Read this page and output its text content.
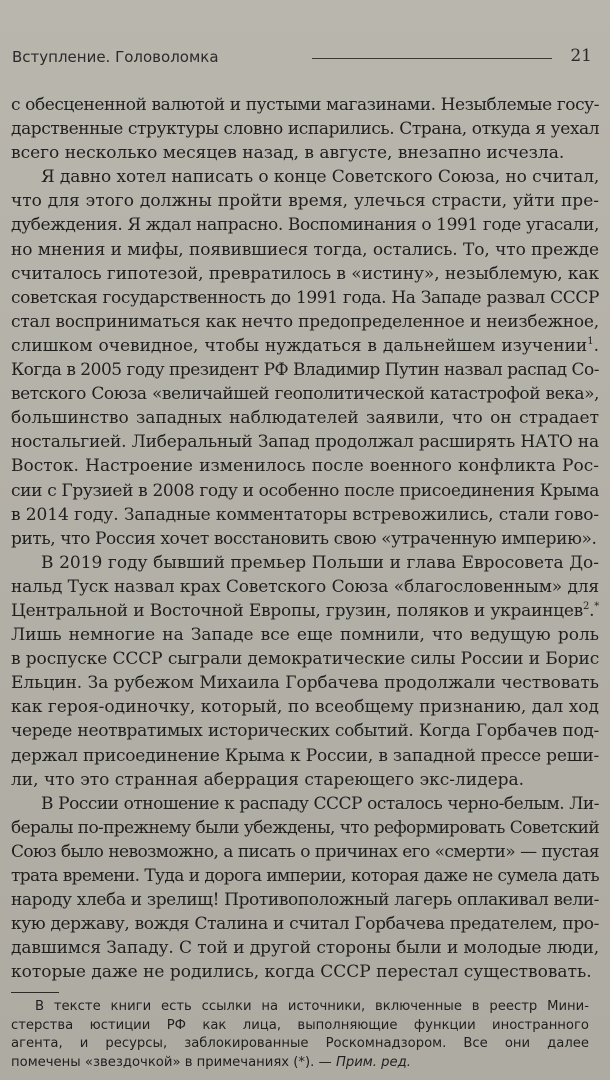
Вступление. Головоломка	21
с обесцененной валютой и пустыми магазинами. Незыблемые госу-
дарственные структуры словно испарились. Страна, откуда я уехал
всего несколько месяцев назад, в августе, внезапно исчезла.
Я давно хотел написать о конце Советского Союза, но считал,
что для этого должны пройти время, улечься страсти, уйти пре-
дубеждения. Я ждал напрасно. Воспоминания о 1991 годе угасали,
но мнения и мифы, появившиеся тогда, остались. То, что прежде
считалось гипотезой, превратилось в «истину», незыблемую, как
советская государственность до 1991 года. На Западе развал СССР
стал восприниматься как нечто предопределенное и неизбежное,
слишком очевидное, чтобы нуждаться в дальнейшем изучении$^1$.
Когда в 2005 году президент РФ Владимир Путин назвал распад Со-
ветского Союза «величайшей геополитической катастрофой века»,
большинство западных наблюдателей заявили, что он страдает
ностальгией. Либеральный Запад продолжал расширять НАТО на
Восток. Настроение изменилось после военного конфликта Рос-
сии с Грузией в 2008 году и особенно после присоединения Крыма
в 2014 году. Западные комментаторы встревожились, стали гово-
рить, что Россия хочет восстановить свою «утраченную империю».
В 2019 году бывший премьер Польши и глава Евросовета До-
нальд Туск назвал крах Советского Союза «благословенным» для
Центральной и Восточной Европы, грузин, поляков и украинцев$^2$.*
Лишь немногие на Западе все еще помнили, что ведущую роль
в роспуске СССР сыграли демократические силы России и Борис
Ельцин. За рубежом Михаила Горбачева продолжали чествовать
как героя-одиночку, который, по всеобщему признанию, дал ход
череде неотвратимых исторических событий. Когда Горбачев под-
держал присоединение Крыма к России, в западной прессе реши-
ли, что это странная аберрация стареющего экс-лидера.
В России отношение к распаду СССР осталось черно-белым. Ли-
бералы по-прежнему были убеждены, что реформировать Советский
Союз было невозможно, а писать о причинах его «смерти» — пустая
трата времени. Туда и дорога империи, которая даже не сумела дать
народу хлеба и зрелищ! Противоположный лагерь оплакивал вели-
кую державу, вождя Сталина и считал Горбачева предателем, про-
давшимся Западу. С той и другой стороны были и молодые люди,
которые даже не родились, когда СССР перестал существовать.
В тексте книги есть ссылки на источники, включенные в реестр Мини-
стерства юстиции РФ как лица, выполняющие функции иностранного
агента, и ресурсы, заблокированные Роскомнадзором. Все они далее
помечены «звездочкой» в примечаниях (*). — Прим. ред.
